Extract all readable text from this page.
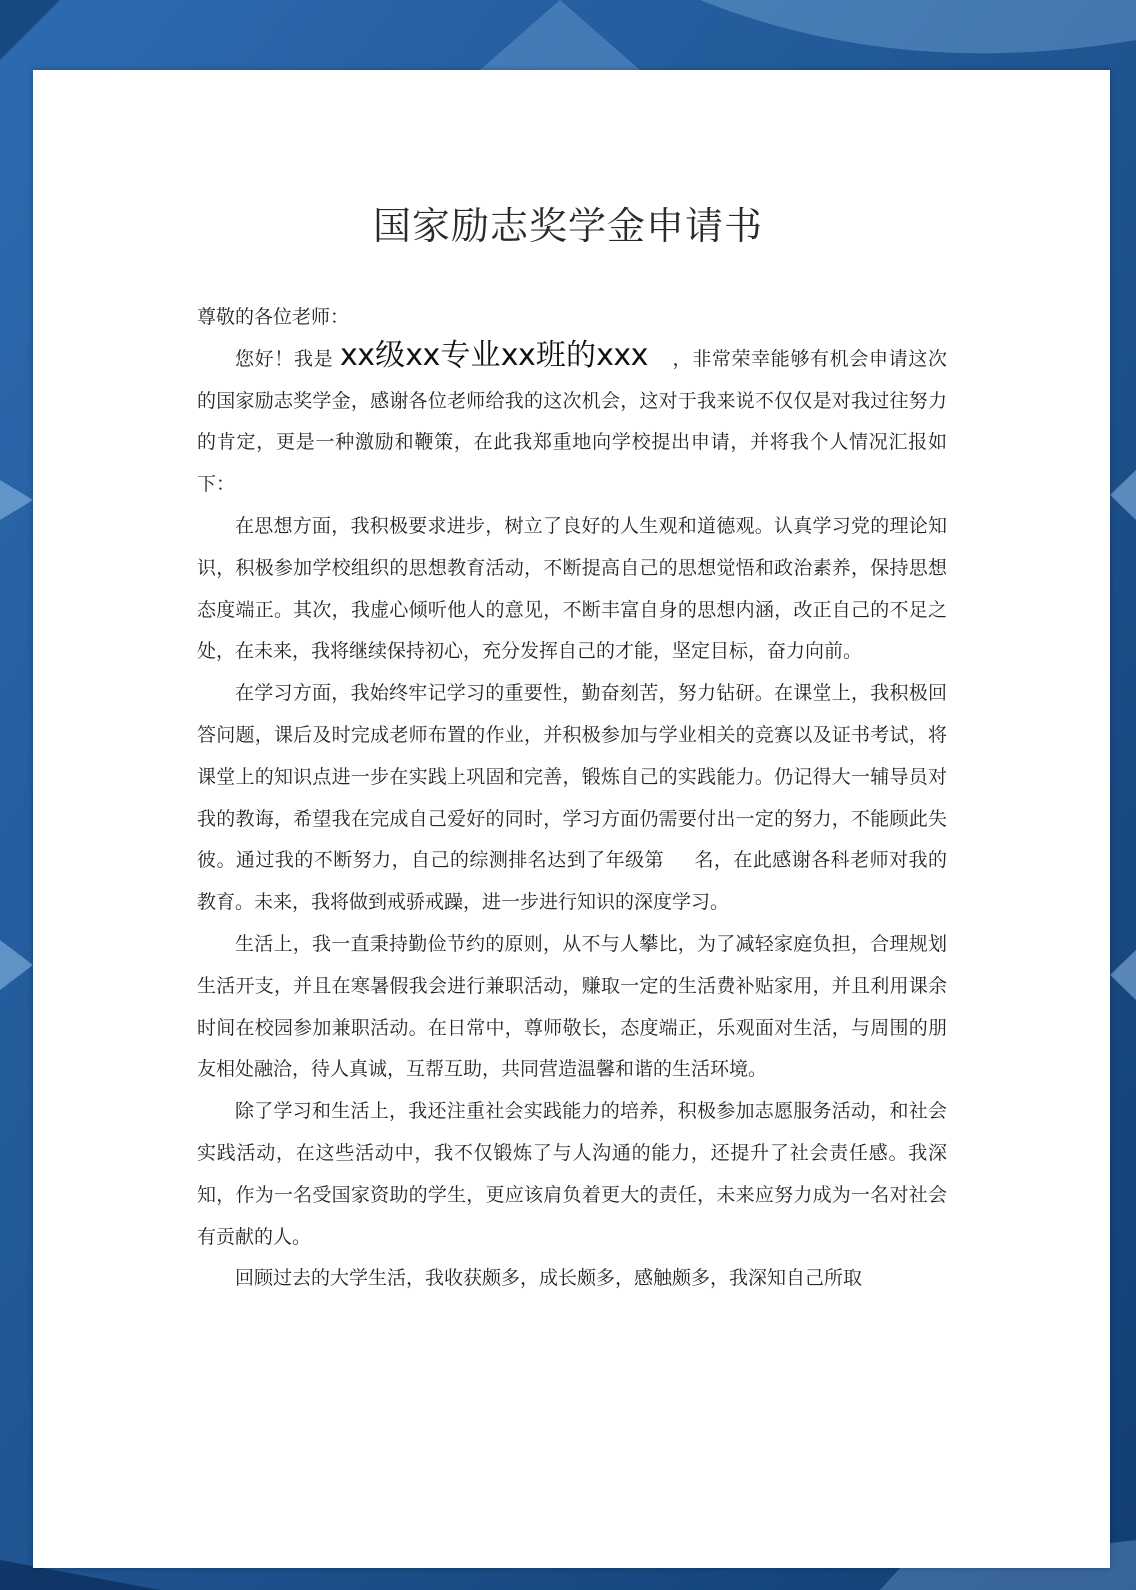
国家励志奖学金申请书

尊敬的各位老师：

您好！我是 xx级xx专业xx班的xxx ，非常荣幸能够有机会申请这次的国家励志奖学金，感谢各位老师给我的这次机会，这对于我来说不仅仅是对我过往努力的肯定，更是一种激励和鞭策，在此我郑重地向学校提出申请，并将我个人情况汇报如下：

在思想方面，我积极要求进步，树立了良好的人生观和道德观。认真学习党的理论知识，积极参加学校组织的思想教育活动，不断提高自己的思想觉悟和政治素养，保持思想态度端正。其次，我虚心倾听他人的意见，不断丰富自身的思想内涵，改正自己的不足之处，在未来，我将继续保持初心，充分发挥自己的才能，坚定目标，奋力向前。

在学习方面，我始终牢记学习的重要性，勤奋刻苦，努力钻研。在课堂上，我积极回答问题，课后及时完成老师布置的作业，并积极参加与学业相关的竞赛以及证书考试，将课堂上的知识点进一步在实践上巩固和完善，锻炼自己的实践能力。仍记得大一辅导员对我的教诲，希望我在完成自己爱好的同时，学习方面仍需要付出一定的努力，不能顾此失彼。通过我的不断努力，自己的综测排名达到了年级第 名，在此感谢各科老师对我的教育。未来，我将做到戒骄戒躁，进一步进行知识的深度学习。

生活上，我一直秉持勤俭节约的原则，从不与人攀比，为了减轻家庭负担，合理规划生活开支，并且在寒暑假我会进行兼职活动，赚取一定的生活费补贴家用，并且利用课余时间在校园参加兼职活动。在日常中，尊师敬长，态度端正，乐观面对生活，与周围的朋友相处融洽，待人真诚，互帮互助，共同营造温馨和谐的生活环境。

除了学习和生活上，我还注重社会实践能力的培养，积极参加志愿服务活动，和社会实践活动，在这些活动中，我不仅锻炼了与人沟通的能力，还提升了社会责任感。我深知，作为一名受国家资助的学生，更应该肩负着更大的责任，未来应努力成为一名对社会有贡献的人。

回顾过去的大学生活，我收获颇多，成长颇多，感触颇多，我深知自己所取
